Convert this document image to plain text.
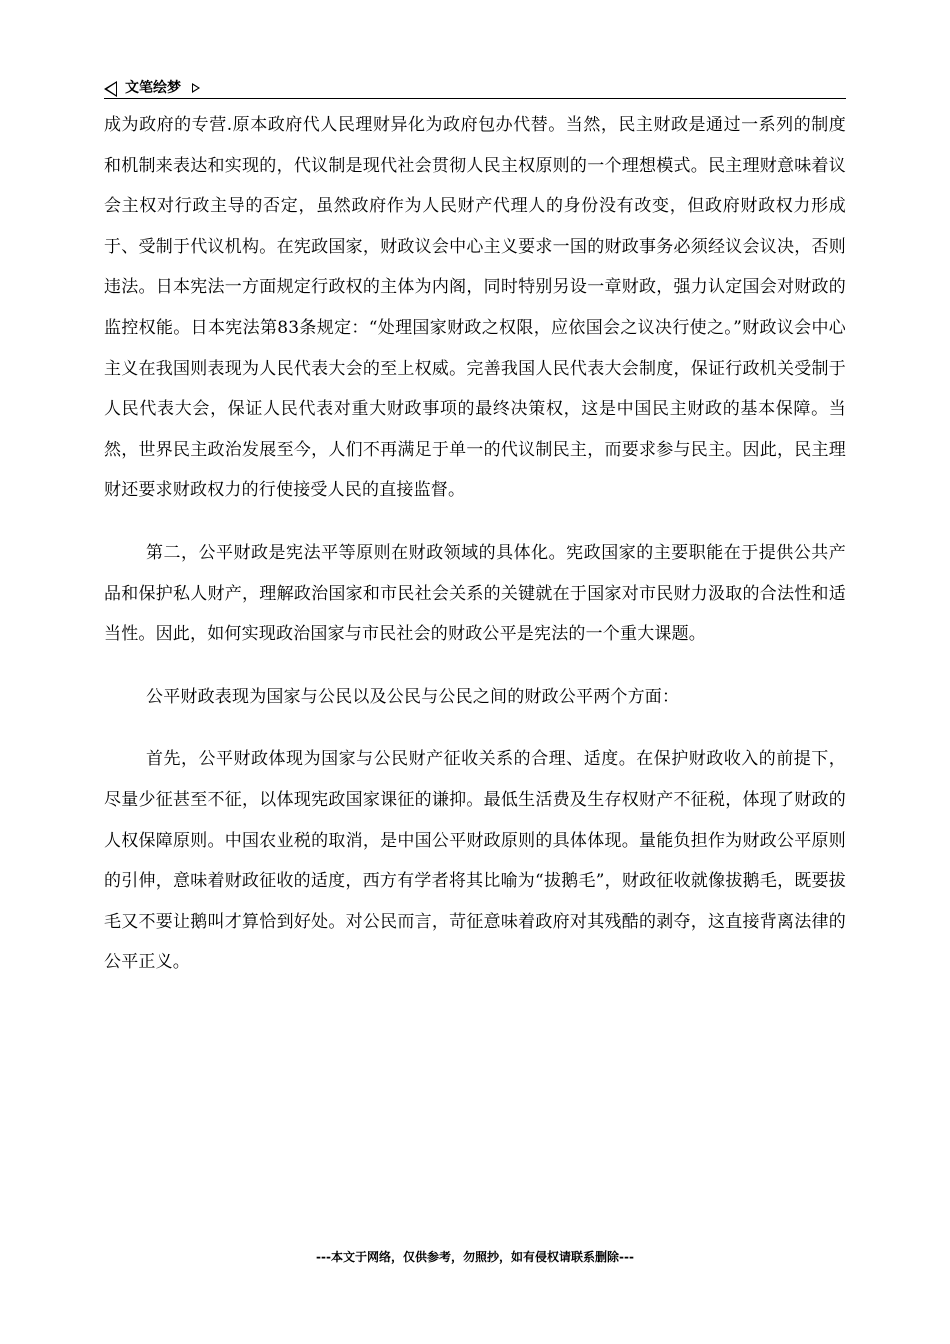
文笔绘梦

成为政府的专营.原本政府代人民理财异化为政府包办代替。当然，民主财政是通过一系列的制度和机制来表达和实现的，代议制是现代社会贯彻人民主权原则的一个理想模式。民主理财意味着议会主权对行政主导的否定，虽然政府作为人民财产代理人的身份没有改变，但政府财政权力形成于、受制于代议机构。在宪政国家，财政议会中心主义要求一国的财政事务必须经议会议决，否则违法。日本宪法一方面规定行政权的主体为内阁，同时特别另设一章财政，强力认定国会对财政的监控权能。日本宪法第83条规定：“处理国家财政之权限，应依国会之议决行使之。”财政议会中心主义在我国则表现为人民代表大会的至上权威。完善我国人民代表大会制度，保证行政机关受制于人民代表大会，保证人民代表对重大财政事项的最终决策权，这是中国民主财政的基本保障。当然，世界民主政治发展至今，人们不再满足于单一的代议制民主，而要求参与民主。因此，民主理财还要求财政权力的行使接受人民的直接监督。

第二，公平财政是宪法平等原则在财政领域的具体化。宪政国家的主要职能在于提供公共产品和保护私人财产，理解政治国家和市民社会关系的关键就在于国家对市民财力汲取的合法性和适当性。因此，如何实现政治国家与市民社会的财政公平是宪法的一个重大课题。

公平财政表现为国家与公民以及公民与公民之间的财政公平两个方面：

首先，公平财政体现为国家与公民财产征收关系的合理、适度。在保护财政收入的前提下，尽量少征甚至不征，以体现宪政国家课征的谦抑。最低生活费及生存权财产不征税，体现了财政的人权保障原则。中国农业税的取消，是中国公平财政原则的具体体现。量能负担作为财政公平原则的引伸，意味着财政征收的适度，西方有学者将其比喻为“拔鹅毛”，财政征收就像拔鹅毛，既要拔毛又不要让鹅叫才算恰到好处。对公民而言，苛征意味着政府对其残酷的剥夺，这直接背离法律的公平正义。

---本文于网络，仅供参考，勿照抄，如有侵权请联系删除---
